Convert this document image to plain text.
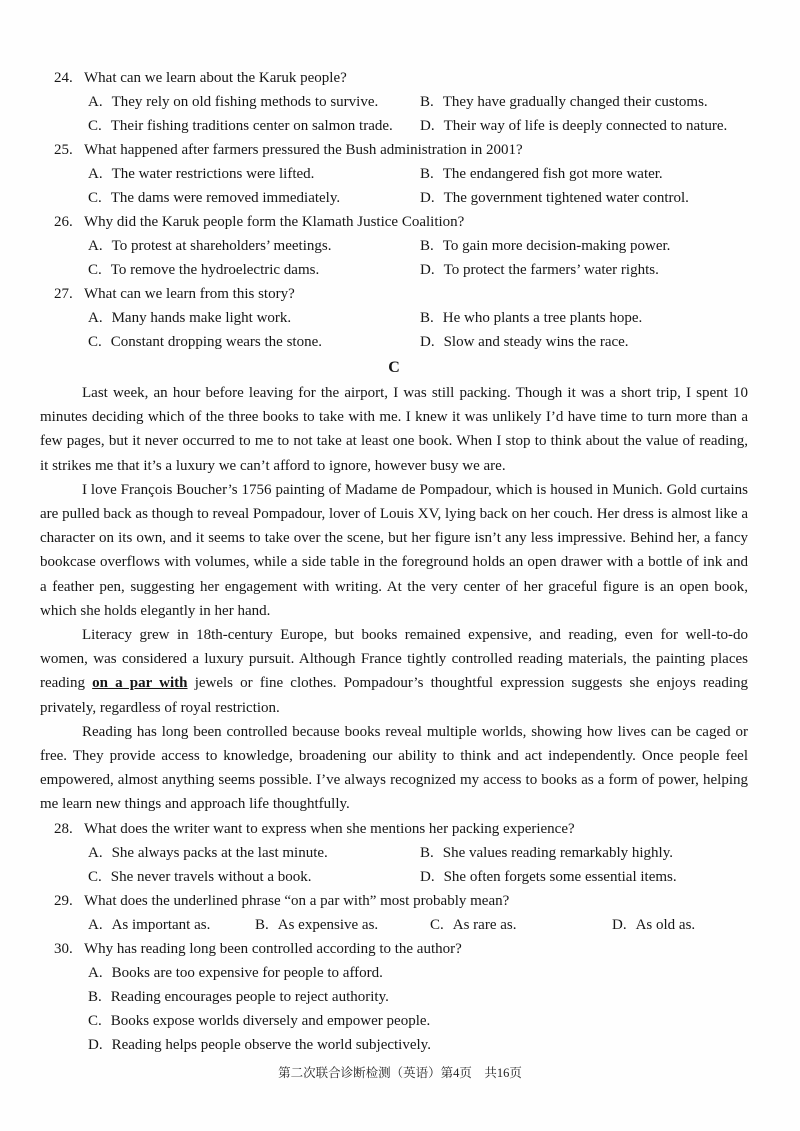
24. What can we learn about the Karuk people?
A. They rely on old fishing methods to survive.	B. They have gradually changed their customs.
C. Their fishing traditions center on salmon trade.	D. Their way of life is deeply connected to nature.
25. What happened after farmers pressured the Bush administration in 2001?
A. The water restrictions were lifted.	B. The endangered fish got more water.
C. The dams were removed immediately.	D. The government tightened water control.
26. Why did the Karuk people form the Klamath Justice Coalition?
A. To protest at shareholders’ meetings.	B. To gain more decision-making power.
C. To remove the hydroelectric dams.	D. To protect the farmers’ water rights.
27. What can we learn from this story?
A. Many hands make light work.	B. He who plants a tree plants hope.
C. Constant dropping wears the stone.	D. Slow and steady wins the race.
C

Last week, an hour before leaving for the airport, I was still packing. Though it was a short trip, I spent 10 minutes deciding which of the three books to take with me. I knew it was unlikely I’d have time to turn more than a few pages, but it never occurred to me to not take at least one book. When I stop to think about the value of reading, it strikes me that it’s a luxury we can’t afford to ignore, however busy we are.

I love François Boucher’s 1756 painting of Madame de Pompadour, which is housed in Munich. Gold curtains are pulled back as though to reveal Pompadour, lover of Louis XV, lying back on her couch. Her dress is almost like a character on its own, and it seems to take over the scene, but her figure isn’t any less impressive. Behind her, a fancy bookcase overflows with volumes, while a side table in the foreground holds an open drawer with a bottle of ink and a feather pen, suggesting her engagement with writing. At the very center of her graceful figure is an open book, which she holds elegantly in her hand.

Literacy grew in 18th-century Europe, but books remained expensive, and reading, even for well-to-do women, was considered a luxury pursuit. Although France tightly controlled reading materials, the painting places reading on a par with jewels or fine clothes. Pompadour’s thoughtful expression suggests she enjoys reading privately, regardless of royal restriction.

Reading has long been controlled because books reveal multiple worlds, showing how lives can be caged or free. They provide access to knowledge, broadening our ability to think and act independently. Once people feel empowered, almost anything seems possible. I’ve always recognized my access to books as a form of power, helping me learn new things and approach life thoughtfully.

28. What does the writer want to express when she mentions her packing experience?
A. She always packs at the last minute.	B. She values reading remarkably highly.
C. She never travels without a book.	D. She often forgets some essential items.
29. What does the underlined phrase “on a par with” most probably mean?
A. As important as.	B. As expensive as.	C. As rare as.	D. As old as.
30. Why has reading long been controlled according to the author?
A. Books are too expensive for people to afford.
B. Reading encourages people to reject authority.
C. Books expose worlds diversely and empower people.
D. Reading helps people observe the world subjectively.
第二次联合诊断检测（英语）第4页　共16页
